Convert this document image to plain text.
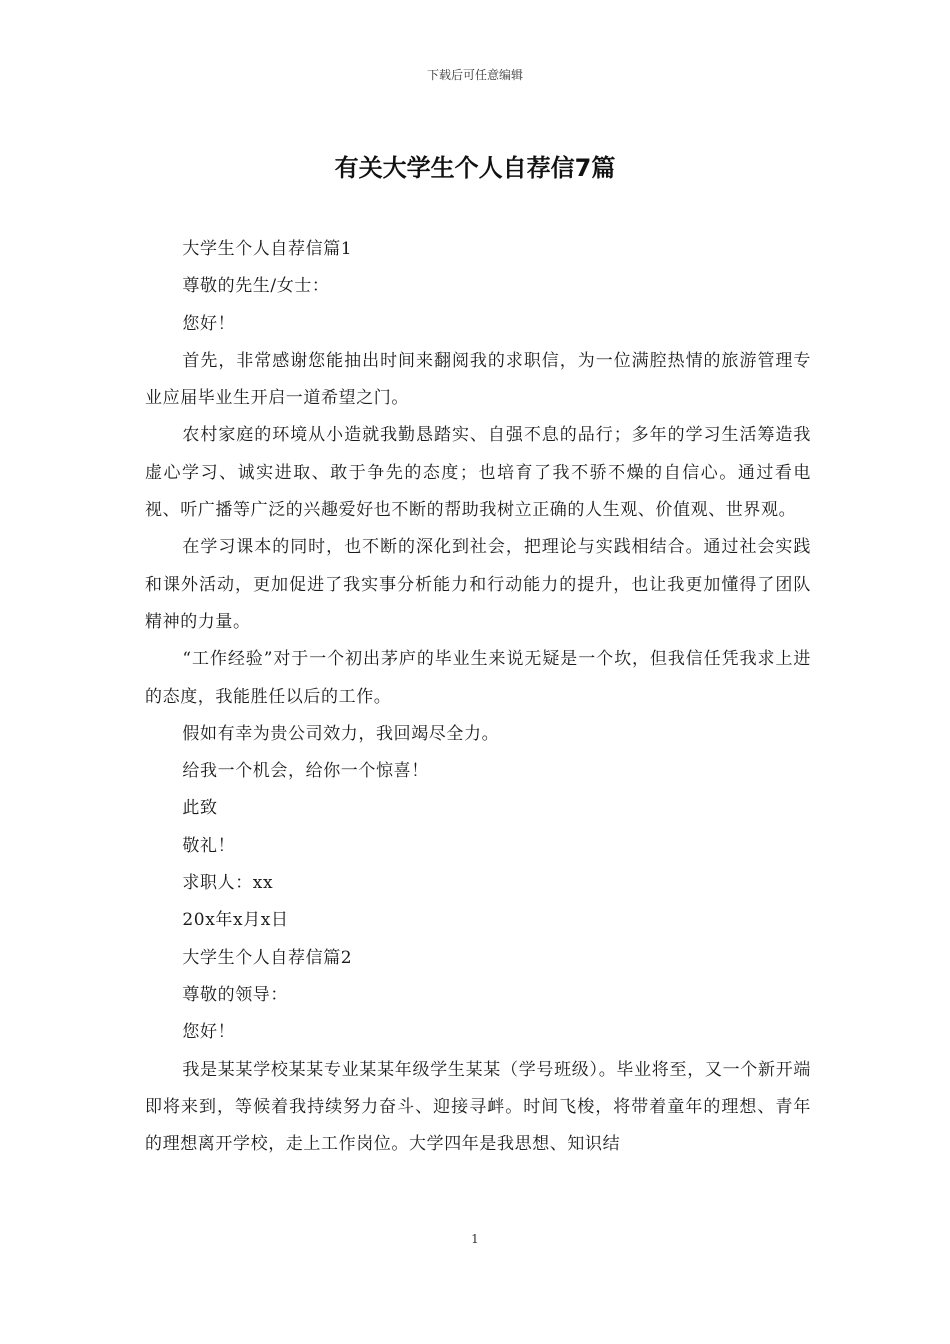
下载后可任意编辑
有关大学生个人自荐信7篇

大学生个人自荐信篇1

尊敬的先生/女士：

您好！

首先，非常感谢您能抽出时间来翻阅我的求职信，为一位满腔热情的旅游管理专业应届毕业生开启一道希望之门。

农村家庭的环境从小造就我勤恳踏实、自强不息的品行；多年的学习生活筹造我虚心学习、诚实进取、敢于争先的态度；也培育了我不骄不燥的自信心。通过看电视、听广播等广泛的兴趣爱好也不断的帮助我树立正确的人生观、价值观、世界观。

在学习课本的同时，也不断的深化到社会，把理论与实践相结合。通过社会实践和课外活动，更加促进了我实事分析能力和行动能力的提升，也让我更加懂得了团队精神的力量。

“工作经验”对于一个初出茅庐的毕业生来说无疑是一个坎，但我信任凭我求上进的态度，我能胜任以后的工作。

假如有幸为贵公司效力，我回竭尽全力。

给我一个机会，给你一个惊喜！

此致

敬礼！

求职人：xx

20x年x月x日

大学生个人自荐信篇2

尊敬的领导：

您好！

我是某某学校某某专业某某年级学生某某（学号班级）。毕业将至，又一个新开端即将来到，等候着我持续努力奋斗、迎接寻衅。时间飞梭，将带着童年的理想、青年的理想离开学校，走上工作岗位。大学四年是我思想、知识结

1
